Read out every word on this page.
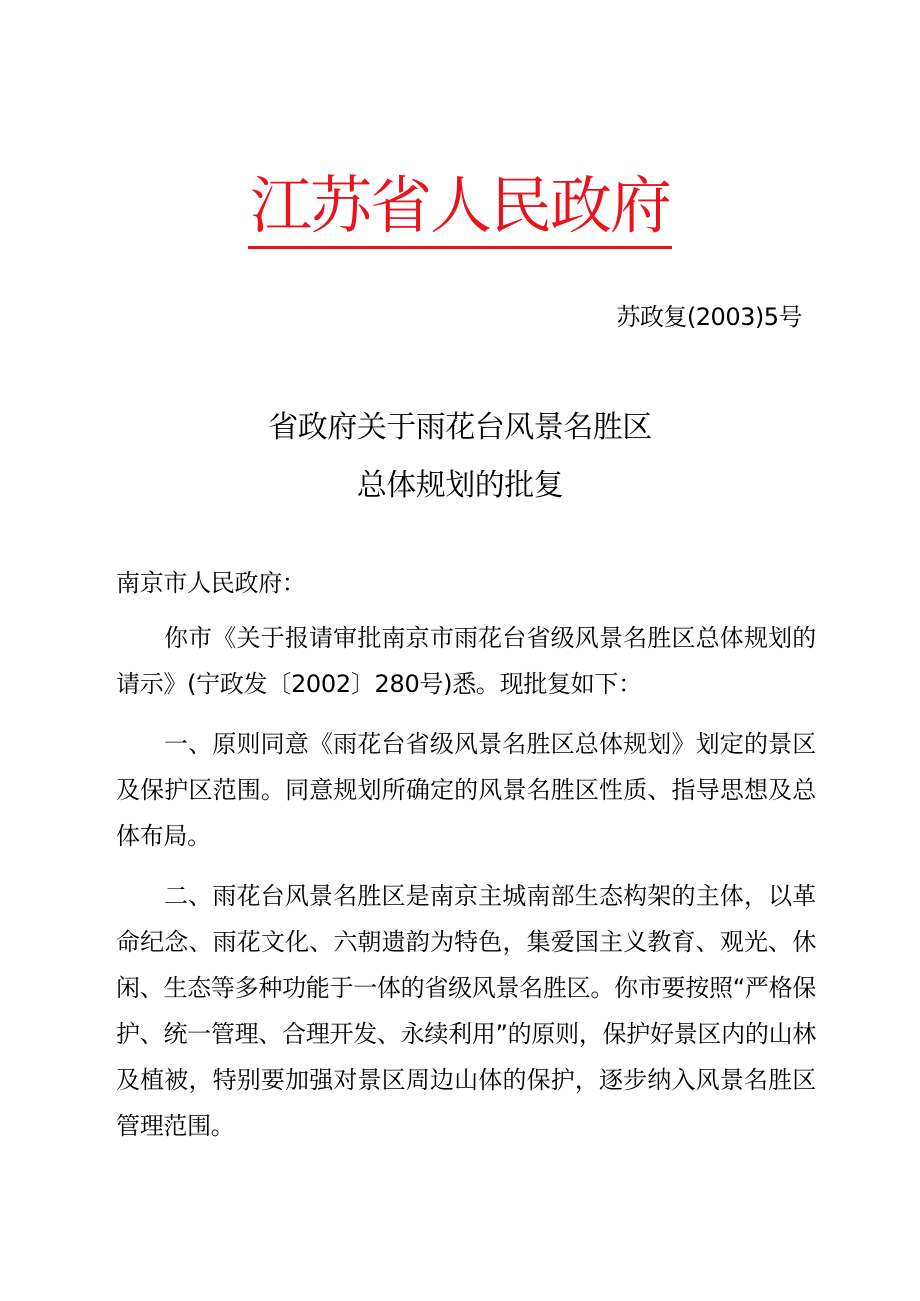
江苏省人民政府
苏政复(2003)5号
省政府关于雨花台风景名胜区
总体规划的批复

南京市人民政府：

你市《关于报请审批南京市雨花台省级风景名胜区总体规划的请示》(宁政发〔2002〕280号)悉。现批复如下：

一、原则同意《雨花台省级风景名胜区总体规划》划定的景区及保护区范围。同意规划所确定的风景名胜区性质、指导思想及总体布局。

二、雨花台风景名胜区是南京主城南部生态构架的主体，以革命纪念、雨花文化、六朝遗韵为特色，集爱国主义教育、观光、休闲、生态等多种功能于一体的省级风景名胜区。你市要按照“严格保护、统一管理、合理开发、永续利用”的原则，保护好景区内的山林及植被，特别要加强对景区周边山体的保护，逐步纳入风景名胜区管理范围。
